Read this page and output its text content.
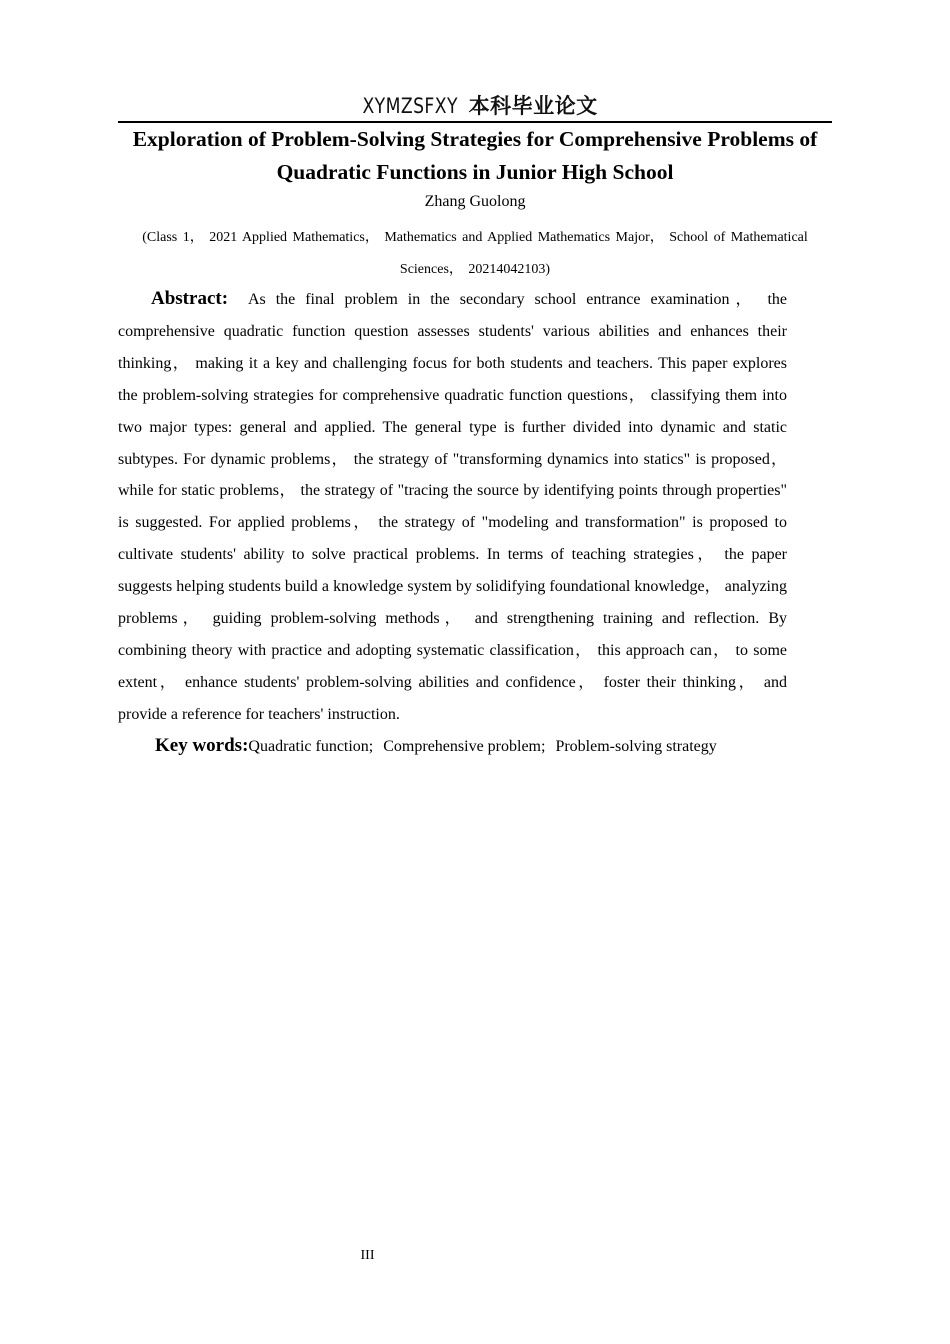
XYMZSFXY 本科毕业论文
Exploration of Problem-Solving Strategies for Comprehensive Problems of Quadratic Functions in Junior High School
Zhang Guolong
(Class 1， 2021 Applied Mathematics， Mathematics and Applied Mathematics Major， School of Mathematical Sciences， 20214042103)

Abstract: As the final problem in the secondary school entrance examination， the comprehensive quadratic function question assesses students' various abilities and enhances their thinking， making it a key and challenging focus for both students and teachers. This paper explores the problem-solving strategies for comprehensive quadratic function questions， classifying them into two major types: general and applied. The general type is further divided into dynamic and static subtypes. For dynamic problems， the strategy of "transforming dynamics into statics" is proposed， while for static problems， the strategy of "tracing the source by identifying points through properties" is suggested. For applied problems， the strategy of "modeling and transformation" is proposed to cultivate students' ability to solve practical problems. In terms of teaching strategies， the paper suggests helping students build a knowledge system by solidifying foundational knowledge， analyzing problems， guiding problem-solving methods， and strengthening training and reflection. By combining theory with practice and adopting systematic classification， this approach can， to some extent， enhance students' problem-solving abilities and confidence， foster their thinking， and provide a reference for teachers' instruction.

Key words:Quadratic function; Comprehensive problem; Problem-solving strategy
III
